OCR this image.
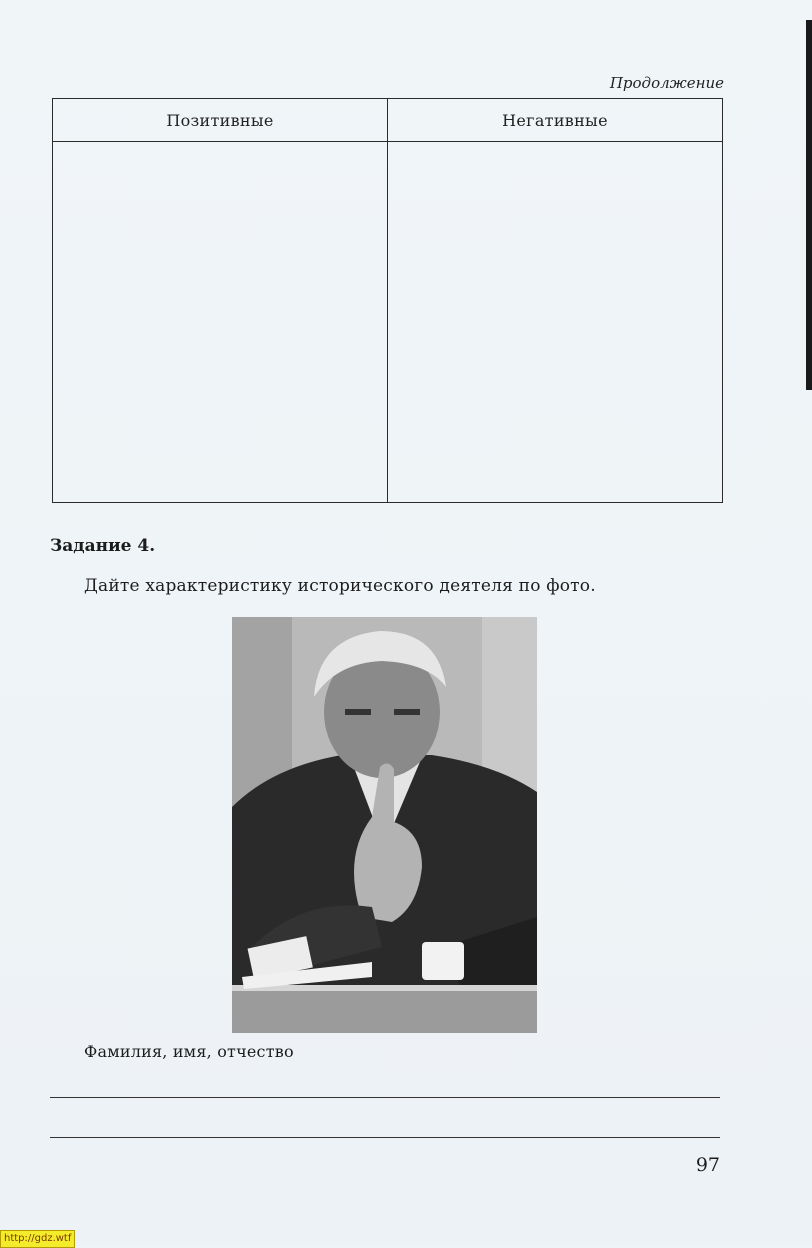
Продолжение
Позитивные	Негативные

Задание 4.
Дайте характеристику исторического деятеля по фото.
Фамилия, имя, отчество
97
http://gdz.wtf
